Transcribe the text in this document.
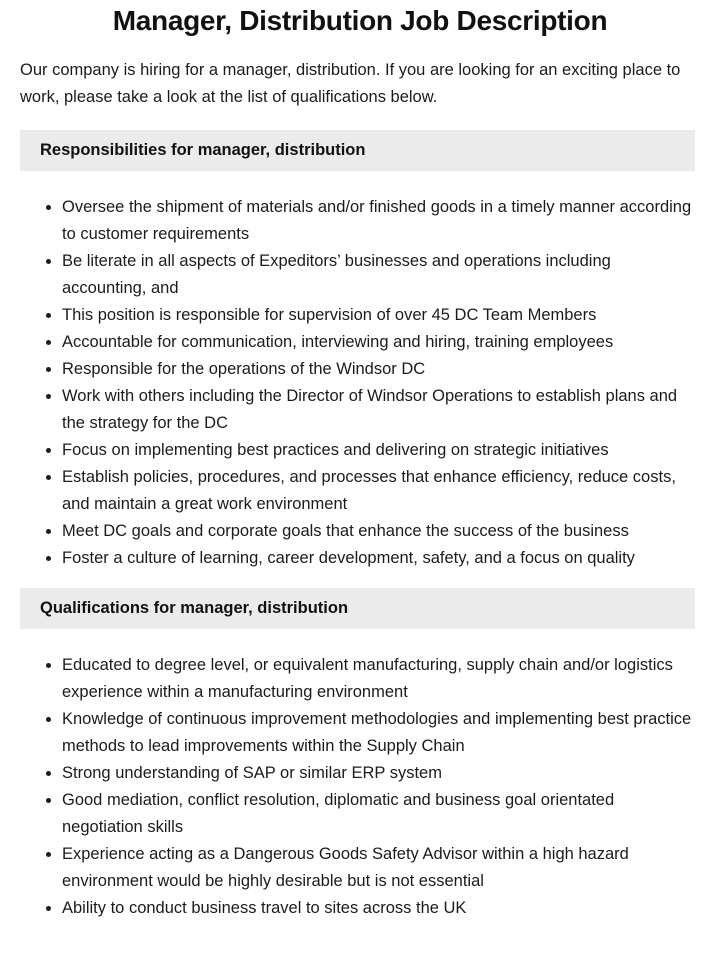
Manager, Distribution Job Description

Our company is hiring for a manager, distribution. If you are looking for an exciting place to work, please take a look at the list of qualifications below.

Responsibilities for manager, distribution
Oversee the shipment of materials and/or finished goods in a timely manner according to customer requirements
Be literate in all aspects of Expeditors’ businesses and operations including accounting, and
This position is responsible for supervision of over 45 DC Team Members
Accountable for communication, interviewing and hiring, training employees
Responsible for the operations of the Windsor DC
Work with others including the Director of Windsor Operations to establish plans and the strategy for the DC
Focus on implementing best practices and delivering on strategic initiatives
Establish policies, procedures, and processes that enhance efficiency, reduce costs, and maintain a great work environment
Meet DC goals and corporate goals that enhance the success of the business
Foster a culture of learning, career development, safety, and a focus on quality
Qualifications for manager, distribution
Educated to degree level, or equivalent manufacturing, supply chain and/or logistics experience within a manufacturing environment
Knowledge of continuous improvement methodologies and implementing best practice methods to lead improvements within the Supply Chain
Strong understanding of SAP or similar ERP system
Good mediation, conflict resolution, diplomatic and business goal orientated negotiation skills
Experience acting as a Dangerous Goods Safety Advisor within a high hazard environment would be highly desirable but is not essential
Ability to conduct business travel to sites across the UK
